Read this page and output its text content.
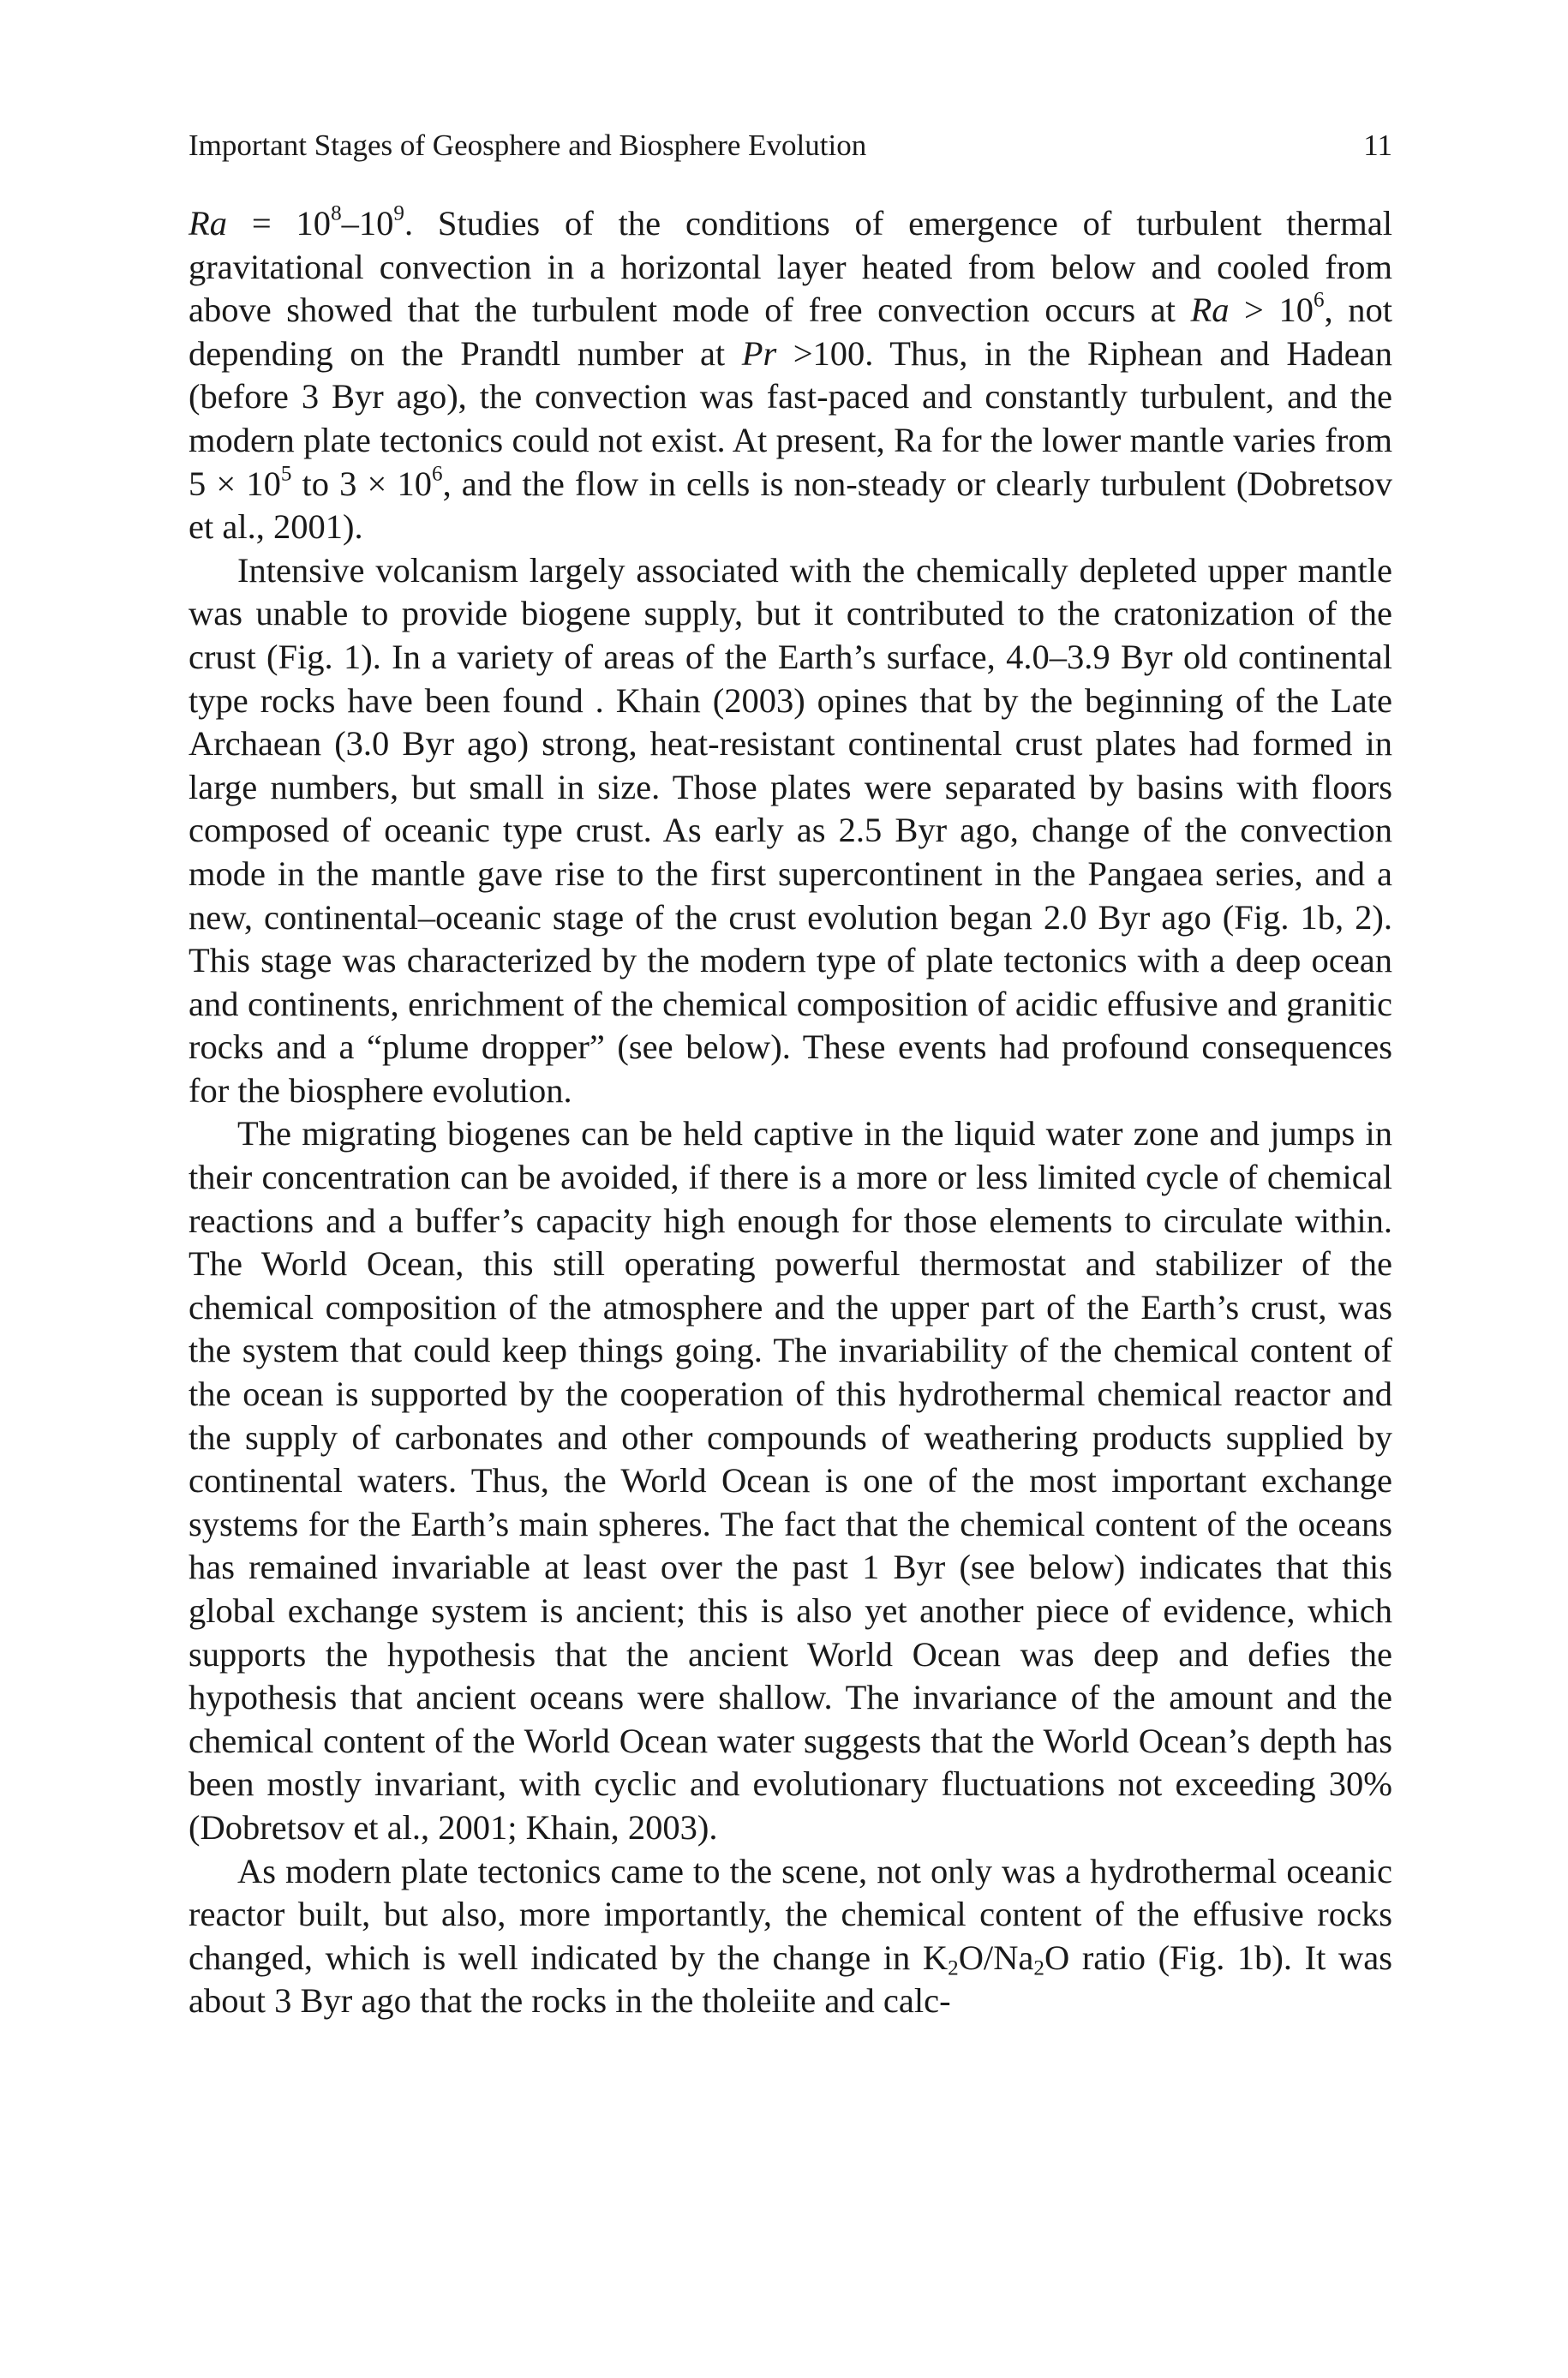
Important Stages of Geosphere and Biosphere Evolution	11

$Ra = 10^8-10^9$. Studies of the conditions of emergence of turbulent thermal gravitational convection in a horizontal layer heated from below and cooled from above showed that the turbulent mode of free convection occurs at $Ra > 10^6$, not depending on the Prandtl number at Pr >100. Thus, in the Riphean and Hadean (before 3 Byr ago), the convection was fast-paced and constantly turbulent, and the modern plate tectonics could not exist. At present, Ra for the lower mantle varies from $5 \times 10^5$ to $3 \times 10^6$, and the flow in cells is non-steady or clearly turbulent (Dobretsov et al., 2001).

Intensive volcanism largely associated with the chemically depleted upper mantle was unable to provide biogene supply, but it contributed to the cratonization of the crust (Fig. 1). In a variety of areas of the Earth’s surface, 4.0–3.9 Byr old continental type rocks have been found . Khain (2003) opines that by the beginning of the Late Archaean (3.0 Byr ago) strong, heat-resistant continental crust plates had formed in large numbers, but small in size. Those plates were separated by basins with floors composed of oceanic type crust. As early as 2.5 Byr ago, change of the convection mode in the mantle gave rise to the first supercontinent in the Pangaea series, and a new, continental–oceanic stage of the crust evolution began 2.0 Byr ago (Fig. 1b, 2). This stage was characterized by the modern type of plate tectonics with a deep ocean and continents, enrichment of the chemical composition of acidic effusive and granitic rocks and a “plume dropper” (see below). These events had profound consequences for the biosphere evolution.

The migrating biogenes can be held captive in the liquid water zone and jumps in their concentration can be avoided, if there is a more or less limited cycle of chemical reactions and a buffer’s capacity high enough for those elements to circulate within. The World Ocean, this still operating powerful thermostat and stabilizer of the chemical composition of the atmosphere and the upper part of the Earth’s crust, was the system that could keep things going. The invariability of the chemical content of the ocean is supported by the cooperation of this hydrothermal chemical reactor and the supply of carbonates and other compounds of weathering products supplied by continental waters. Thus, the World Ocean is one of the most important exchange systems for the Earth’s main spheres. The fact that the chemical content of the oceans has remained invariable at least over the past 1 Byr (see below) indicates that this global exchange system is ancient; this is also yet another piece of evidence, which supports the hypothesis that the ancient World Ocean was deep and defies the hypothesis that ancient oceans were shallow. The invariance of the amount and the chemical content of the World Ocean water suggests that the World Ocean’s depth has been mostly invariant, with cyclic and evolutionary fluctuations not exceeding 30% (Dobretsov et al., 2001; Khain, 2003).

As modern plate tectonics came to the scene, not only was a hydrothermal oceanic reactor built, but also, more importantly, the chemical content of the effusive rocks changed, which is well indicated by the change in $K_2O/Na_2O$ ratio (Fig. 1b). It was about 3 Byr ago that the rocks in the tholeiite and calc-
